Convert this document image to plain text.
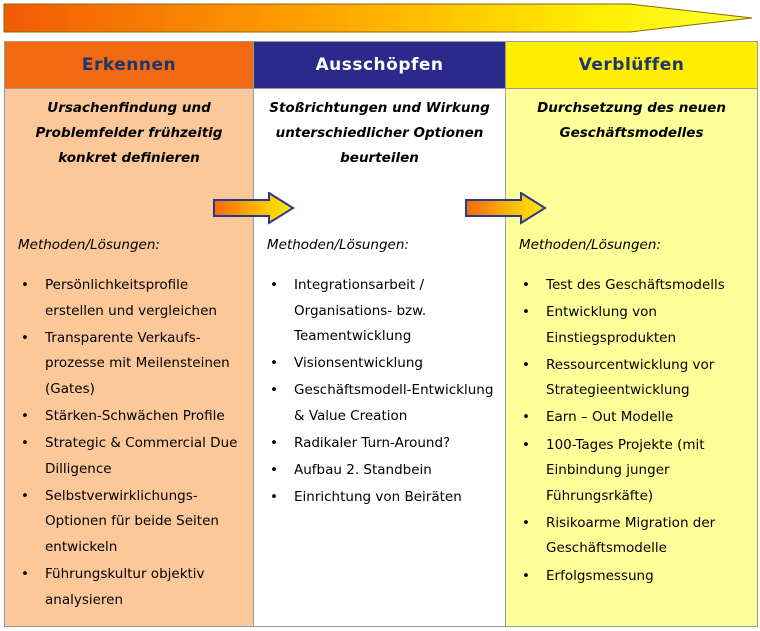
Erkennen
Ursachenfindung und Problemfelder frühzeitig konkret definieren
Methoden/Lösungen:
• Persönlichkeitsprofile erstellen und vergleichen
• Transparente Verkaufs-prozesse mit Meilensteinen (Gates)
• Stärken-Schwächen Profile
• Strategic & Commercial Due Dilligence
• Selbstverwirklichungs-Optionen für beide Seiten entwickeln
• Führungskultur objektiv analysieren
Ausschöpfen
Stoßrichtungen und Wirkung unterschiedlicher Optionen beurteilen
Methoden/Lösungen:
• Integrationsarbeit / Organisations- bzw. Teamentwicklung
• Visionsentwicklung
• Geschäftsmodell-Entwicklung & Value Creation
• Radikaler Turn-Around?
• Aufbau 2. Standbein
• Einrichtung von Beiräten
Verblüffen
Durchsetzung des neuen Geschäftsmodelles
Methoden/Lösungen:
• Test des Geschäftsmodells
• Entwicklung von Einstiegsprodukten
• Ressourcentwicklung vor Strategieentwicklung
• Earn – Out Modelle
• 100-Tages Projekte (mit Einbindung junger Führungsrkäfte)
• Risikoarme Migration der Geschäftsmodelle
• Erfolgsmessung
